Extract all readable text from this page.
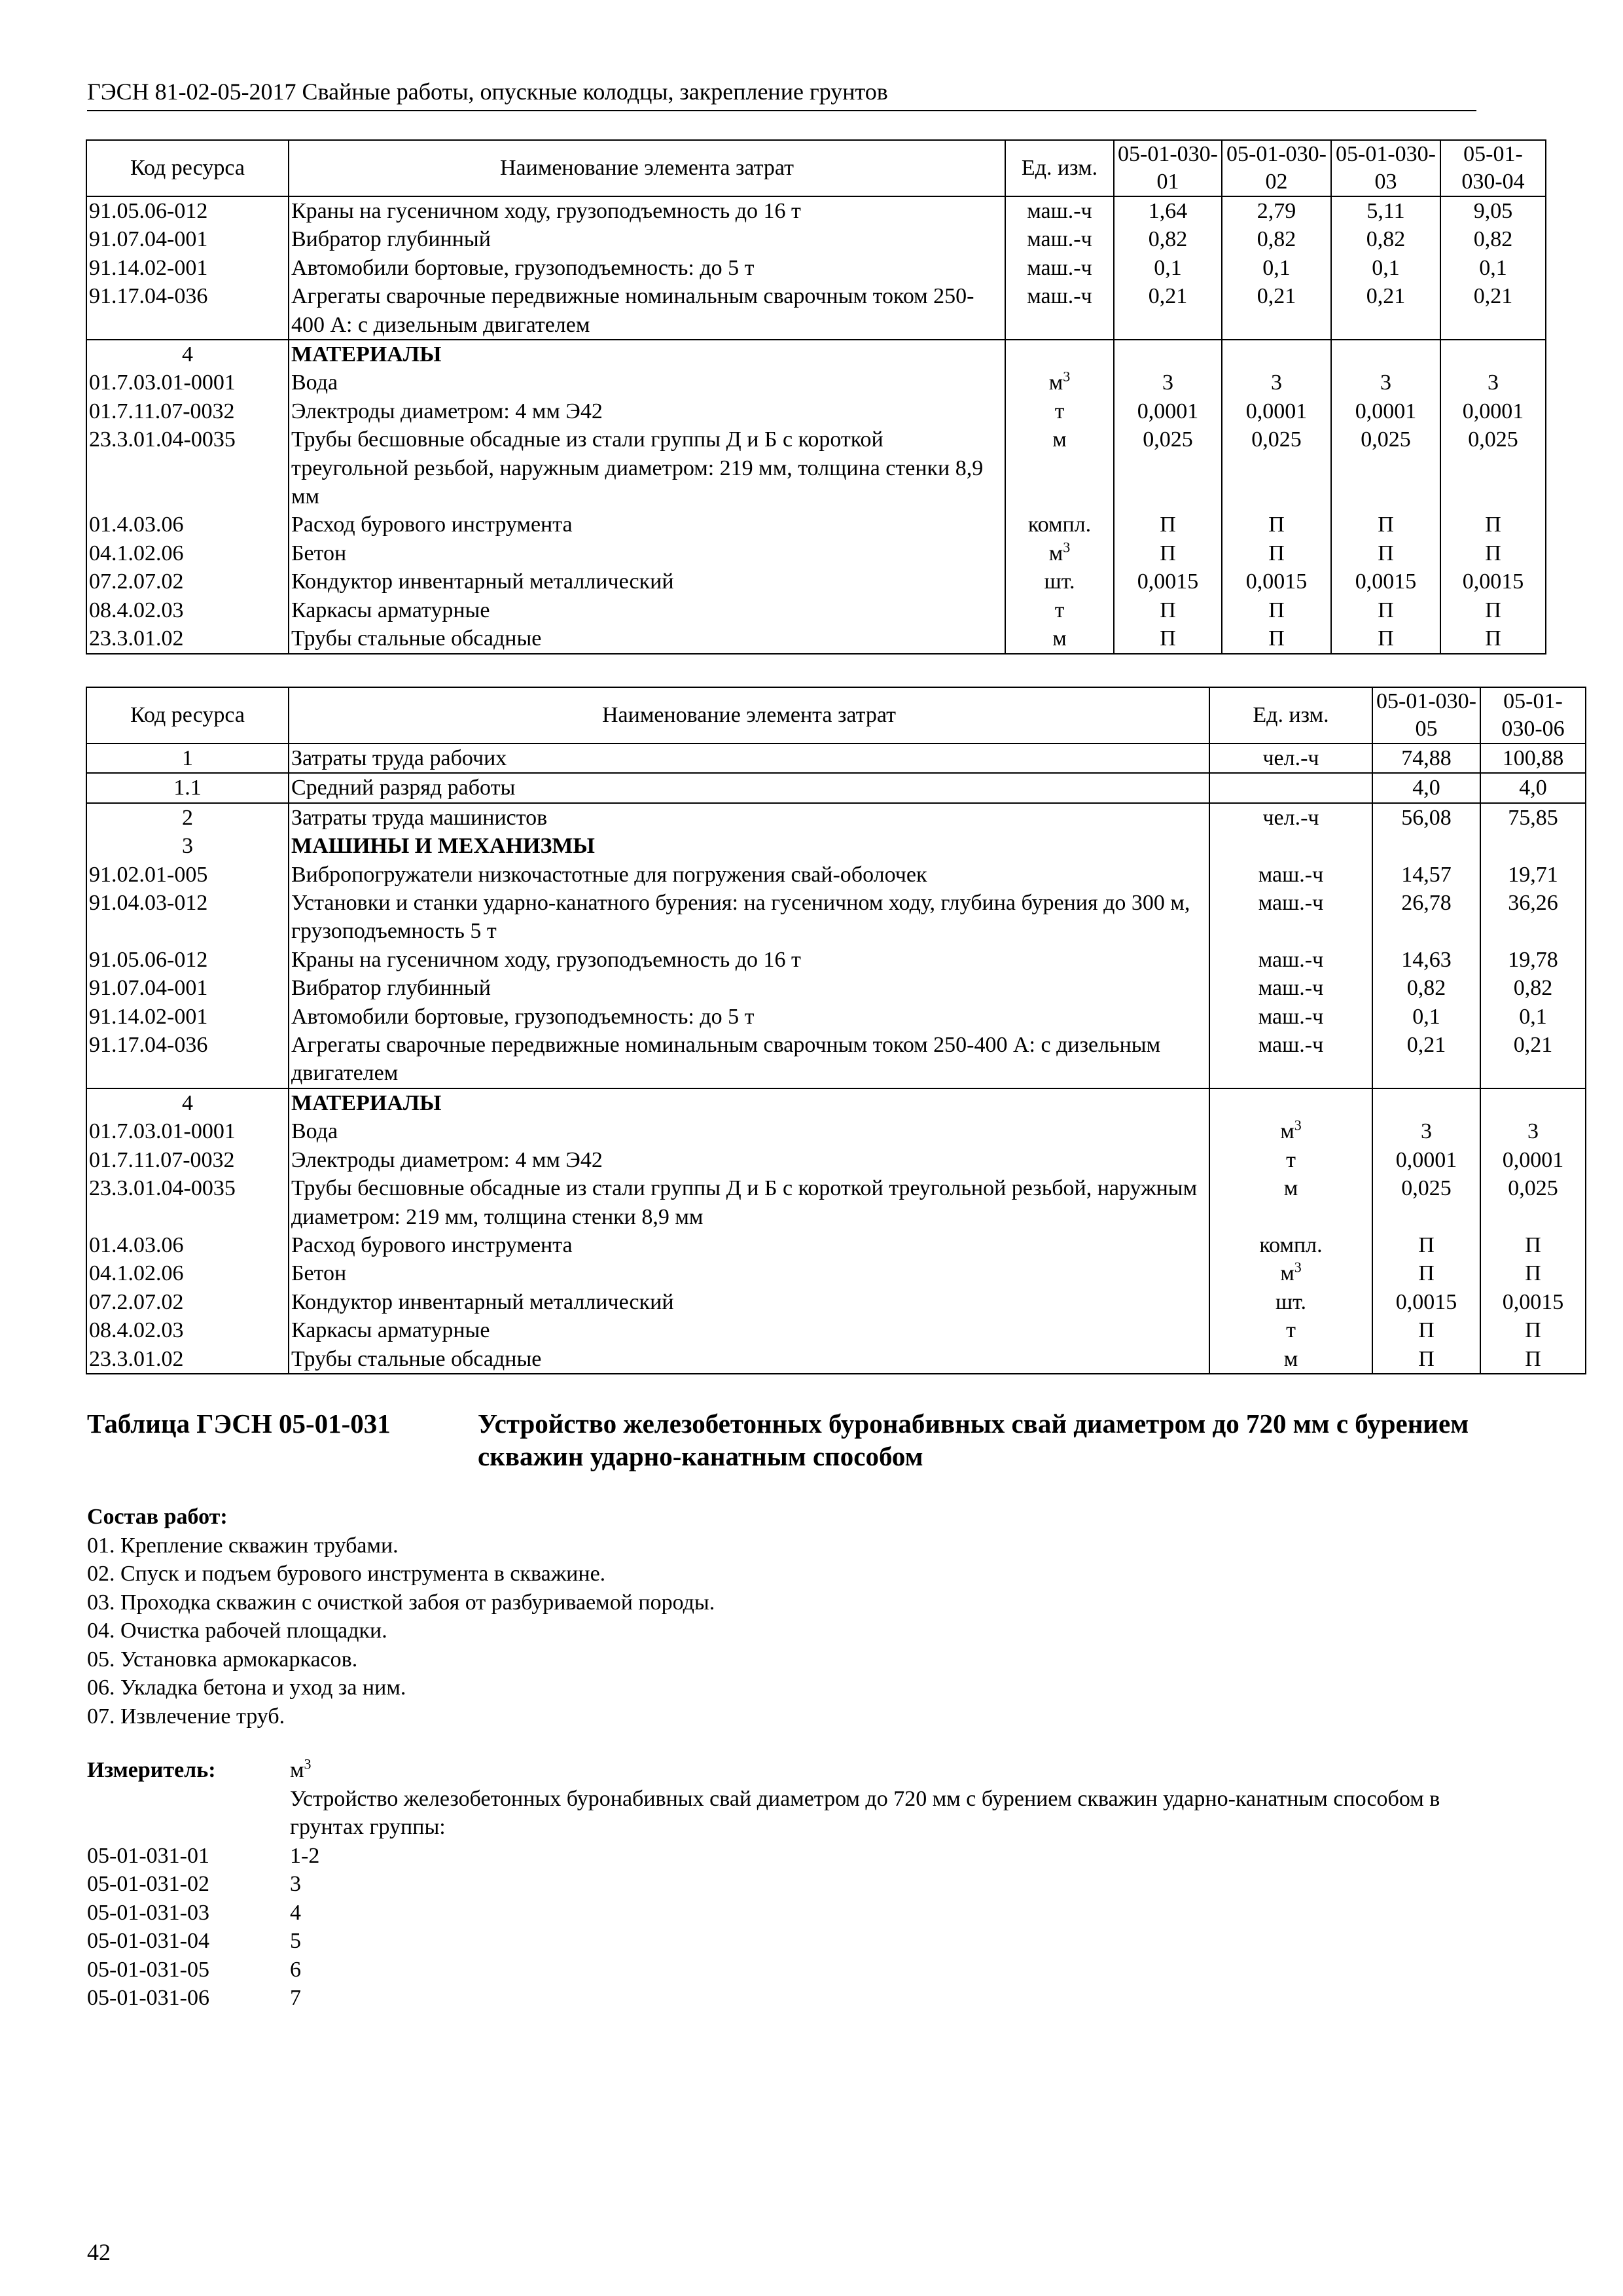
ГЭСН 81-02-05-2017 Свайные работы, опускные колодцы, закрепление грунтов
Код ресурса	Наименование элемента затрат	Ед. изм.	05-01-030-01	05-01-030-02	05-01-030-03	05-01-030-04
91.05.06-012	Краны на гусеничном ходу, грузоподъемность до 16 т	маш.-ч	1,64	2,79	5,11	9,05
91.07.04-001	Вибратор глубинный	маш.-ч	0,82	0,82	0,82	0,82
91.14.02-001	Автомобили бортовые, грузоподъемность: до 5 т	маш.-ч	0,1	0,1	0,1	0,1
91.17.04-036	Агрегаты сварочные передвижные номинальным сварочным током 250-400 А: с дизельным двигателем	маш.-ч	0,21	0,21	0,21	0,21
4	МАТЕРИАЛЫ					
01.7.03.01-0001	Вода	$м^3$	3	3	3	3
01.7.11.07-0032	Электроды диаметром: 4 мм Э42	т	0,0001	0,0001	0,0001	0,0001
23.3.01.04-0035	Трубы бесшовные обсадные из стали группы Д и Б с короткой треугольной резьбой, наружным диаметром: 219 мм, толщина стенки 8,9 мм	м	0,025	0,025	0,025	0,025
01.4.03.06	Расход бурового инструмента	компл.	П	П	П	П
04.1.02.06	Бетон	$м^3$	П	П	П	П
07.2.07.02	Кондуктор инвентарный металлический	шт.	0,0015	0,0015	0,0015	0,0015
08.4.02.03	Каркасы арматурные	т	П	П	П	П
23.3.01.02	Трубы стальные обсадные	м	П	П	П	П
Код ресурса	Наименование элемента затрат	Ед. изм.	05-01-030-05	05-01-030-06
1	Затраты труда рабочих	чел.-ч	74,88	100,88
1.1	Средний разряд работы		4,0	4,0
2	Затраты труда машинистов	чел.-ч	56,08	75,85
3	МАШИНЫ И МЕХАНИЗМЫ			
91.02.01-005	Вибропогружатели низкочастотные для погружения свай-оболочек	маш.-ч	14,57	19,71
91.04.03-012	Установки и станки ударно-канатного бурения: на гусеничном ходу, глубина бурения до 300 м, грузоподъемность 5 т	маш.-ч	26,78	36,26
91.05.06-012	Краны на гусеничном ходу, грузоподъемность до 16 т	маш.-ч	14,63	19,78
91.07.04-001	Вибратор глубинный	маш.-ч	0,82	0,82
91.14.02-001	Автомобили бортовые, грузоподъемность: до 5 т	маш.-ч	0,1	0,1
91.17.04-036	Агрегаты сварочные передвижные номинальным сварочным током 250-400 А: с дизельным двигателем	маш.-ч	0,21	0,21
4	МАТЕРИАЛЫ			
01.7.03.01-0001	Вода	$м^3$	3	3
01.7.11.07-0032	Электроды диаметром: 4 мм Э42	т	0,0001	0,0001
23.3.01.04-0035	Трубы бесшовные обсадные из стали группы Д и Б с короткой треугольной резьбой, наружным диаметром: 219 мм, толщина стенки 8,9 мм	м	0,025	0,025
01.4.03.06	Расход бурового инструмента	компл.	П	П
04.1.02.06	Бетон	$м^3$	П	П
07.2.07.02	Кондуктор инвентарный металлический	шт.	0,0015	0,0015
08.4.02.03	Каркасы арматурные	т	П	П
23.3.01.02	Трубы стальные обсадные	м	П	П
Таблица ГЭСН 05-01-031	Устройство железобетонных буронабивных свай диаметром до 720 мм с бурением скважин ударно-канатным способом
Состав работ:
01. Крепление скважин трубами.
02. Спуск и подъем бурового инструмента в скважине.
03. Проходка скважин с очисткой забоя от разбуриваемой породы.
04. Очистка рабочей площадки.
05. Установка армокаркасов.
06. Укладка бетона и уход за ним.
07. Извлечение труб.
Измеритель:	$м^3$
Устройство железобетонных буронабивных свай диаметром до 720 мм с бурением скважин ударно-канатным способом в грунтах группы:
05-01-031-01	1-2
05-01-031-02	3
05-01-031-03	4
05-01-031-04	5
05-01-031-05	6
05-01-031-06	7
42
